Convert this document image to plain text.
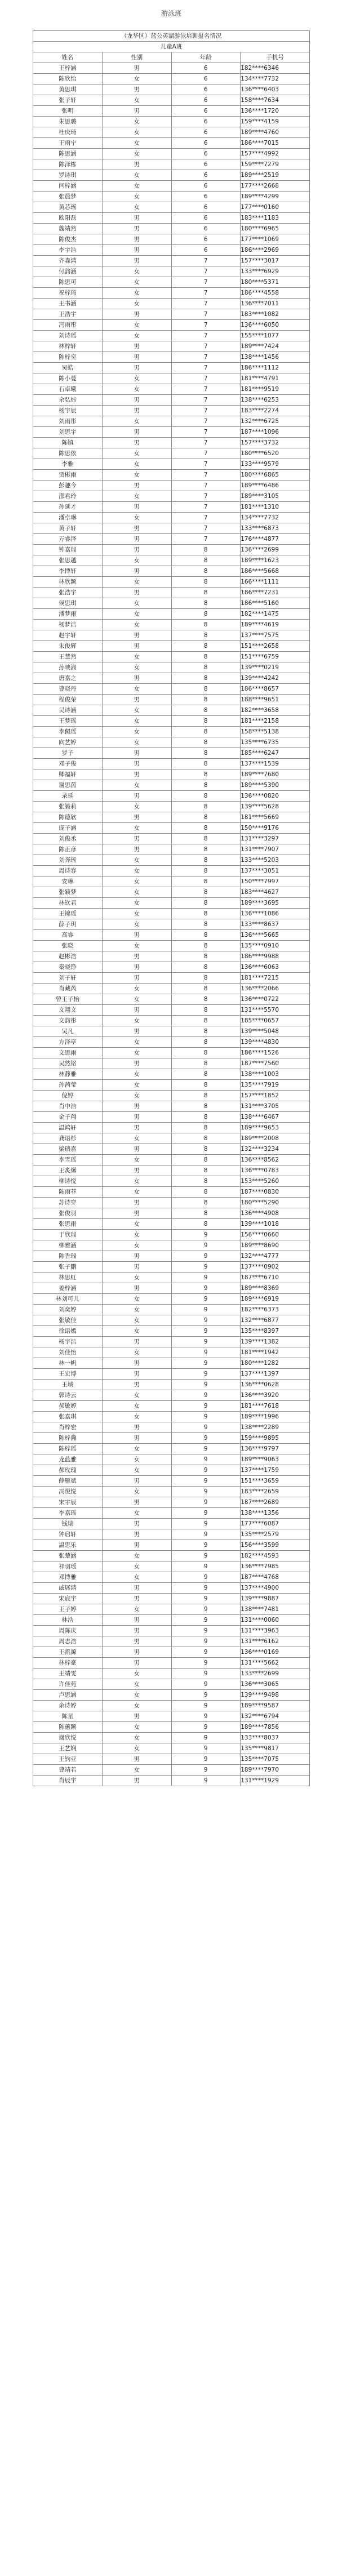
游泳班
（龙华区）蓝公英湖游泳培训报名情况			
儿童A班			
姓名	性别	年龄	手机号
王梓涵	男	6	182****6346
陈欣怡	女	6	134****7732
黄思琪	男	6	136****6403
张子轩	女	6	158****7634
张明	男	6	136****1720
朱思璐	女	6	159****4159
杜庆琦	女	6	189****4760
王雨宁	女	6	186****7015
陈思涵	女	6	157****4992
陈泽栋	男	6	159****7279
罗诗琪	女	6	189****2519
闫梓涵	女	6	177****2668
张晨梦	女	6	189****4299
黄芯瑶	女	6	177****0160
欧阳磊	男	6	183****1183
魏靖然	男	6	180****6965
陈俊杰	男	6	177****1069
李宇浩	男	6	186****2969
齐森鸿	男	7	157****3017
付韵涵	女	7	133****6929
陈思可	女	7	180****5371
祝梓琦	女	7	186****4558
王书涵	女	7	136****7011
王浩宇	男	7	183****1082
冯雨彤	女	7	136****6050
刘诗瑶	女	7	155****1077
林梓轩	男	7	189****7424
陈梓奕	男	7	138****1456
吴皓	男	7	186****1112
陈小曼	女	7	181****4791
石卓曦	女	7	181****9519
余弘炜	男	7	138****6253
杨宇辰	男	7	183****2274
刘雨彤	女	7	132****6725
刘思宇	男	7	187****1096
陈镇	男	7	157****3732
陈思依	女	7	180****6520
李雅	女	7	133****9579
贾彬雨	女	7	180****6865
彭趣今	男	7	189****6486
邵君玲	女	7	189****3105
孙延才	男	7	181****1310
潘卓琳	女	7	134****7732
黄子轩	男	7	133****6873
万睿泽	男	7	176****4877
钟嘉瑞	男	8	136****2699
张思越	女	8	189****1623
李博轩	男	8	186****5668
林欣颖	女	8	166****1111
张浩宇	男	8	186****7231
侯思琪	女	8	186****5160
潘梦雨	女	8	182****1475
杨梦洁	女	8	189****4619
赵宇轩	男	8	137****7575
朱俊辉	男	8	151****2658
王慧然	女	8	151****6759
孙映淑	女	8	139****0219
唐嘉之	男	8	139****4242
曹晓丹	女	8	186****8657
程俊荣	男	8	188****9651
吴诗涵	女	8	182****3658
王梦瑶	女	8	181****2158
李佩瑶	女	8	158****5138
向艺婷	女	8	135****6735
罗子	男	8	185****6247
邓子俊	男	8	137****1539
卿福轩	男	8	189****7680
谢思茵	女	8	189****5390
录延	男	8	136****0820
张籁莉	女	8	139****5628
陈德欣	男	8	181****5669
庞子涵	女	8	150****9176
刘俊丞	男	8	131****3297
陈正彦	男	8	131****7907
刘奔瑶	女	8	133****5203
周诗容	女	8	137****3051
安琳	女	8	150****7997
张颖梦	女	8	183****4627
林钦君	女	8	189****3695
王锦瑶	女	8	136****1086
薛子玥	女	8	133****8637
高睿	男	8	136****5665
张晓	女	8	135****0910
赵彬浩	男	8	186****9988
秦晓铮	男	8	136****6063
刘子轩	男	8	181****7215
肖藏芮	女	8	136****2066
曾王子怡	女	8	136****0722
文翔文	男	8	131****5570
文韵彤	女	8	185****0657
吴凡	男	8	139****5048
方泽亭	女	8	139****4830
文思雨	女	8	186****1526
吴然铭	男	8	187****7560
林静雅	女	8	138****1003
孙茜莹	女	8	135****7919
倪婷	女	8	157****1852
肖中浩	男	8	131****3705
金子翔	男	8	138****6467
温鸿轩	男	8	189****9653
龚语杉	女	8	189****2008
梁瑞嘉	男	8	132****3234
李雪瑶	女	8	136****8562
王炙爆	男	8	136****0783
柳诗悦	女	8	153****5260
陈雨菲	女	8	187****0830
苏诗穿	男	8	180****5290
张俊羽	男	8	136****4908
张思雨	女	8	139****1018
于欣瑞	女	9	156****0660
柳雅涵	女	9	189****8690
陈香瑞	男	9	132****4777
张子鹏	男	9	137****0902
林思虹	女	9	187****6710
姜梓涵	男	9	189****8369
林刘可儿	女	9	189****6919
刘奕婷	女	9	182****6373
张敏佳	女	9	132****6877
徐语嫣	女	9	135****8397
杨宇浩	男	9	139****1382
刘佳怡	女	9	181****1942
林一帆	男	9	180****1282
王宏博	男	9	137****1397
王域	男	9	136****0628
郭诗云	女	9	136****3920
郝敏婷	女	9	181****7618
张嘉琪	女	9	189****1996
肖梓宏	男	9	138****2289
陈梓瀚	男	9	159****9895
陈梓瑶	女	9	136****9797
龙蓝雅	女	9	189****9063
郝玫瑰	女	9	137****1759
薛雁斌	男	9	151****3659
冯悦悦	女	9	183****2659
宋宇辰	男	9	187****2689
李嘉瑶	女	9	138****1356
钱瑞	男	9	177****6087
钟启轩	男	9	135****2579
温思乐	男	9	156****3599
张楚涵	女	9	182****4593
祁羽瑶	女	9	136****7985
邓博雅	女	9	187****4768
戚展鸿	男	9	137****4900
宋宸宇	男	9	139****9887
王子婷	女	9	138****7481
林浩	男	9	131****0060
周陈庆	男	9	131****3963
周志浩	男	9	131****6162
王凯源	男	9	136****0169
林梓豪	男	9	131****5662
王靖雯	女	9	133****2699
许佳苑	女	9	136****3065
卢思涵	女	9	139****9498
余诗婷	女	9	189****9587
陈星	男	9	132****6794
陈蕙颖	女	9	189****7856
谢欣悦	女	9	133****8037
王艺娴	女	9	135****9817
王钧亚	男	9	135****7075
曹靖若	女	9	189****7970
肖辰宇	男	9	131****1929
